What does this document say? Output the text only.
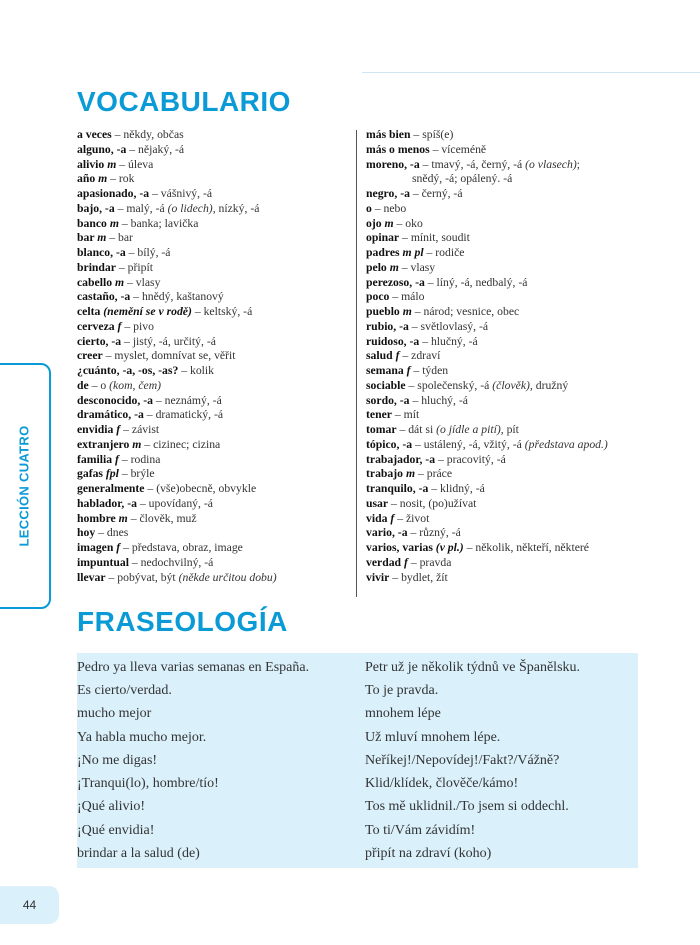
VOCABULARIO
a veces – někdy, občas
alguno, -a – nějaký, -á
alivio m – úleva
año m – rok
apasionado, -a – vášnivý, -á
bajo, -a – malý, -á (o lidech), nízký, -á
banco m – banka; lavička
bar m – bar
blanco, -a – bílý, -á
brindar – připít
cabello m – vlasy
castaño, -a – hnědý, kaštanový
celta (nemění se v rodě) – keltský, -á
cerveza f – pivo
cierto, -a – jistý, -á, určitý, -á
creer – myslet, domnívat se, věřit
¿cuánto, -a, -os, -as? – kolik
de – o (kom, čem)
desconocido, -a – neznámý, -á
dramático, -a – dramatický, -á
envidia f – závist
extranjero m – cizinec; cizina
familia f – rodina
gafas fpl – brýle
generalmente – (vše)obecně, obvykle
hablador, -a – upovídaný, -á
hombre m – člověk, muž
hoy – dnes
imagen f – představa, obraz, image
impuntual – nedochvilný, -á
llevar – pobývat, být (někde určitou dobu)
más bien – spíš(e)
más o menos – víceméně
moreno, -a – tmavý, -á, černý, -á (o vlasech);
snědý, -á; opálený. -á
negro, -a – černý, -á
o – nebo
ojo m – oko
opinar – mínit, soudit
padres m pl – rodiče
pelo m – vlasy
perezoso, -a – líný, -á, nedbalý, -á
poco – málo
pueblo m – národ; vesnice, obec
rubio, -a – světlovlasý, -á
ruidoso, -a – hlučný, -á
salud f – zdraví
semana f – týden
sociable – společenský, -á (člověk), družný
sordo, -a – hluchý, -á
tener – mít
tomar – dát si (o jídle a pití), pít
tópico, -a – ustálený, -á, vžitý, -á (představa apod.)
trabajador, -a – pracovitý, -á
trabajo m – práce
tranquilo, -a – klidný, -á
usar – nosit, (po)užívat
vida f – život
vario, -a – různý, -á
varios, varias (v pl.) – několik, někteří, některé
verdad f – pravda
vivir – bydlet, žít
LECCIÓN CUATRO
FRASEOLOGÍA
Pedro ya lleva varias semanas en España.	Petr už je několik týdnů ve Španělsku.
Es cierto/verdad.	To je pravda.
mucho mejor	mnohem lépe
Ya habla mucho mejor.	Už mluví mnohem lépe.
¡No me digas!	Neříkej!/Nepovídej!/Fakt?/Vážně?
¡Tranqui(lo), hombre/tío!	Klid/klídek, člověče/kámo!
¡Qué alivio!	Tos mě uklidnil./To jsem si oddechl.
¡Qué envidia!	To ti/Vám závidím!
brindar a la salud (de)	připít na zdraví (koho)
44
